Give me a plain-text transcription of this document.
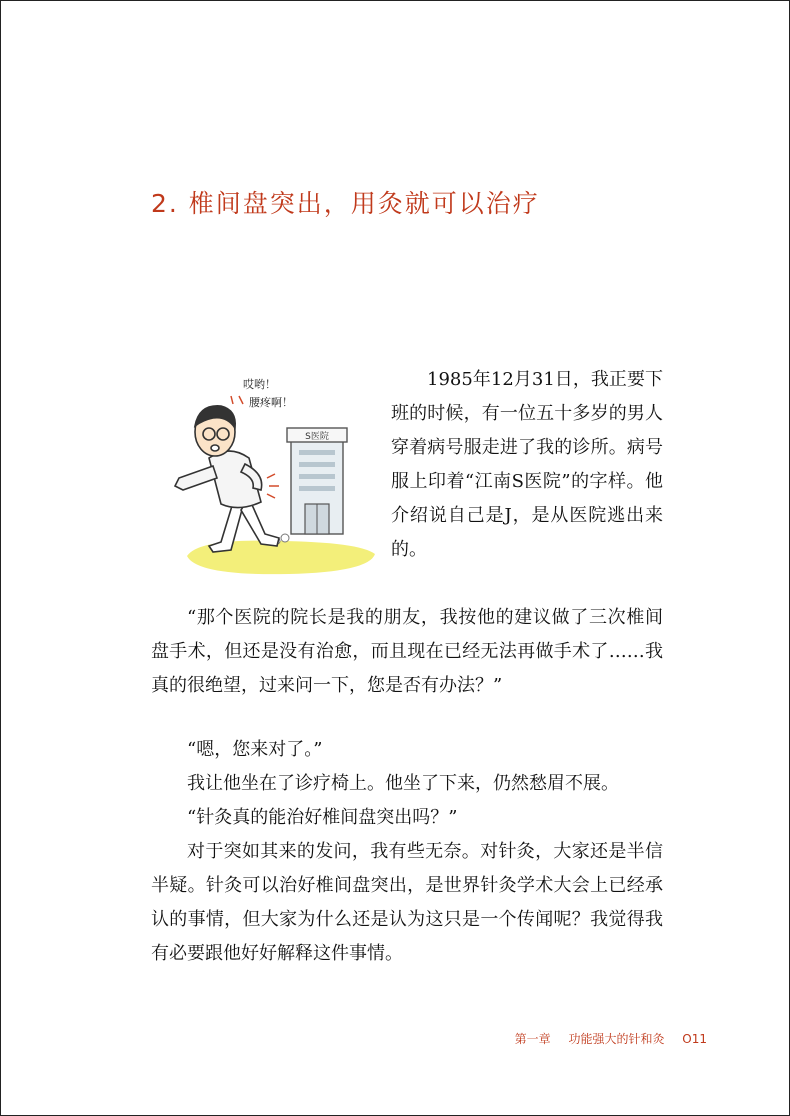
2. 椎间盘突出，用灸就可以治疗
S医院
哎哟！
腰疼啊！

1985年12月31日，我正要下班的时候，有一位五十多岁的男人穿着病号服走进了我的诊所。病号服上印着“江南S医院”的字样。他介绍说自己是J，是从医院逃出来的。

“那个医院的院长是我的朋友，我按他的建议做了三次椎间盘手术，但还是没有治愈，而且现在已经无法再做手术了……我真的很绝望，过来问一下，您是否有办法？”

“嗯，您来对了。”

我让他坐在了诊疗椅上。他坐了下来，仍然愁眉不展。

“针灸真的能治好椎间盘突出吗？”

对于突如其来的发问，我有些无奈。对针灸，大家还是半信半疑。针灸可以治好椎间盘突出，是世界针灸学术大会上已经承认的事情，但大家为什么还是认为这只是一个传闻呢？我觉得我有必要跟他好好解释这件事情。

第一章 功能强大的针和灸 O11
